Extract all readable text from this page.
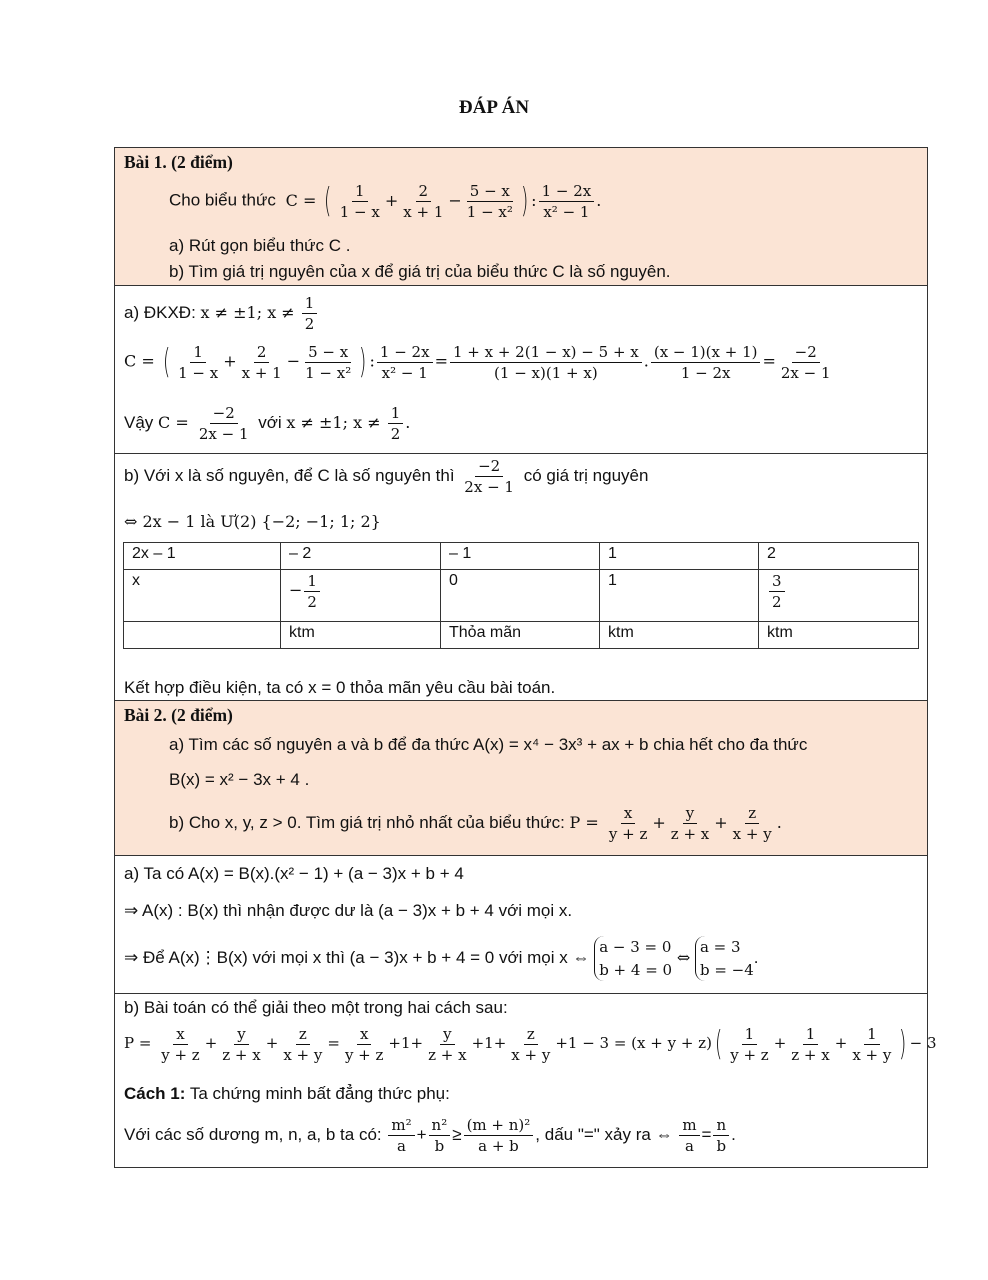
ĐÁP ÁN
Bài 1. (2 điểm)
Cho biểu thức  C = ( $\frac{1}{1 - x} + \frac{2}{x + 1} - \frac{5 - x}{\text{1 − x²}}$ ) : $\frac{1 - 2x}{\text{x² − 1}}$ .
a) Rút gọn biểu thức C .
b) Tìm giá trị nguyên của x để giá trị của biểu thức C là số nguyên.
a) ĐKXĐ: x ≠ ±1; $x \ne \frac{1}{2}$
C = ( $\frac{1}{1 - x} + \frac{2}{x + 1} - \frac{5 - x}{\text{1 − x²}}$ ) : $\frac{1 - 2x}{\text{x² − 1}} = \frac{1 + x + 2(1 - x) - 5 + x}{(1 - x)(1 + x)}$ . $\frac{(x - 1)(x + 1)}{1 - 2x} = \frac{-2}{2x - 1}$
Vậy $C = \frac{-2}{2x - 1}$ với x ≠ ±1; $x \ne \frac{1}{2}$ .
b) Với x là số nguyên, để C là số nguyên thì $\frac{-2}{2x - 1}$ có giá trị nguyên
⇔ 2x − 1 là Ư(2) {−2; −1; 1; 2}
Kết hợp điều kiện, ta có x = 0 thỏa mãn yêu cầu bài toán.
2x – 1	– 2	– 1	1	2
x	− $\frac{1}{2}$	0	1	$\frac{3}{2}$

	ktm	Thỏa mãn	ktm	ktm
Bài 2. (2 điểm)
a) Tìm các số nguyên a và b để đa thức A(x) = x⁴ − 3x³ + ax + b chia hết cho đa thức
B(x) = x² − 3x + 4 .
b) Cho x, y, z > 0. Tìm giá trị nhỏ nhất của biểu thức: $P = \frac{x}{y + z} + \frac{y}{z + x} + \frac{z}{x + y}$ .
a) Ta có A(x) = B(x).(x² − 1) + (a − 3)x + b + 4
⇒ A(x) : B(x) thì nhận được dư là (a − 3)x + b + 4 với mọi x.
⇒ Để A(x)⋮B(x) với mọi x thì (a − 3)x + b + 4 = 0 với mọi x ⇔
a − 3 = 0
b + 4 = 0
⇔
a = 3
b = −4
.
b) Bài toán có thể giải theo một trong hai cách sau:
$P = \frac{x}{y + z} + \frac{y}{z + x} + \frac{z}{x + y} = \frac{x}{y + z} +1+ \frac{y}{z + x} +1+ \frac{z}{x + y} +1 - 3 = (x + y + z)( \frac{1}{y + z} + \frac{1}{z + x} + \frac{1}{x + y}$ ) − 3
Cách 1: Ta chứng minh bất đẳng thức phụ:
Với các số dương m, n, a, b ta có: $\frac{\text{m²}}{a} + \frac{\text{n²}}{b} \ge \frac{\text{(m + n)²}}{a + b}$ , dấu "=" xảy ra ⇔ $\frac{m}{a} = \frac{n}{b}$ .
